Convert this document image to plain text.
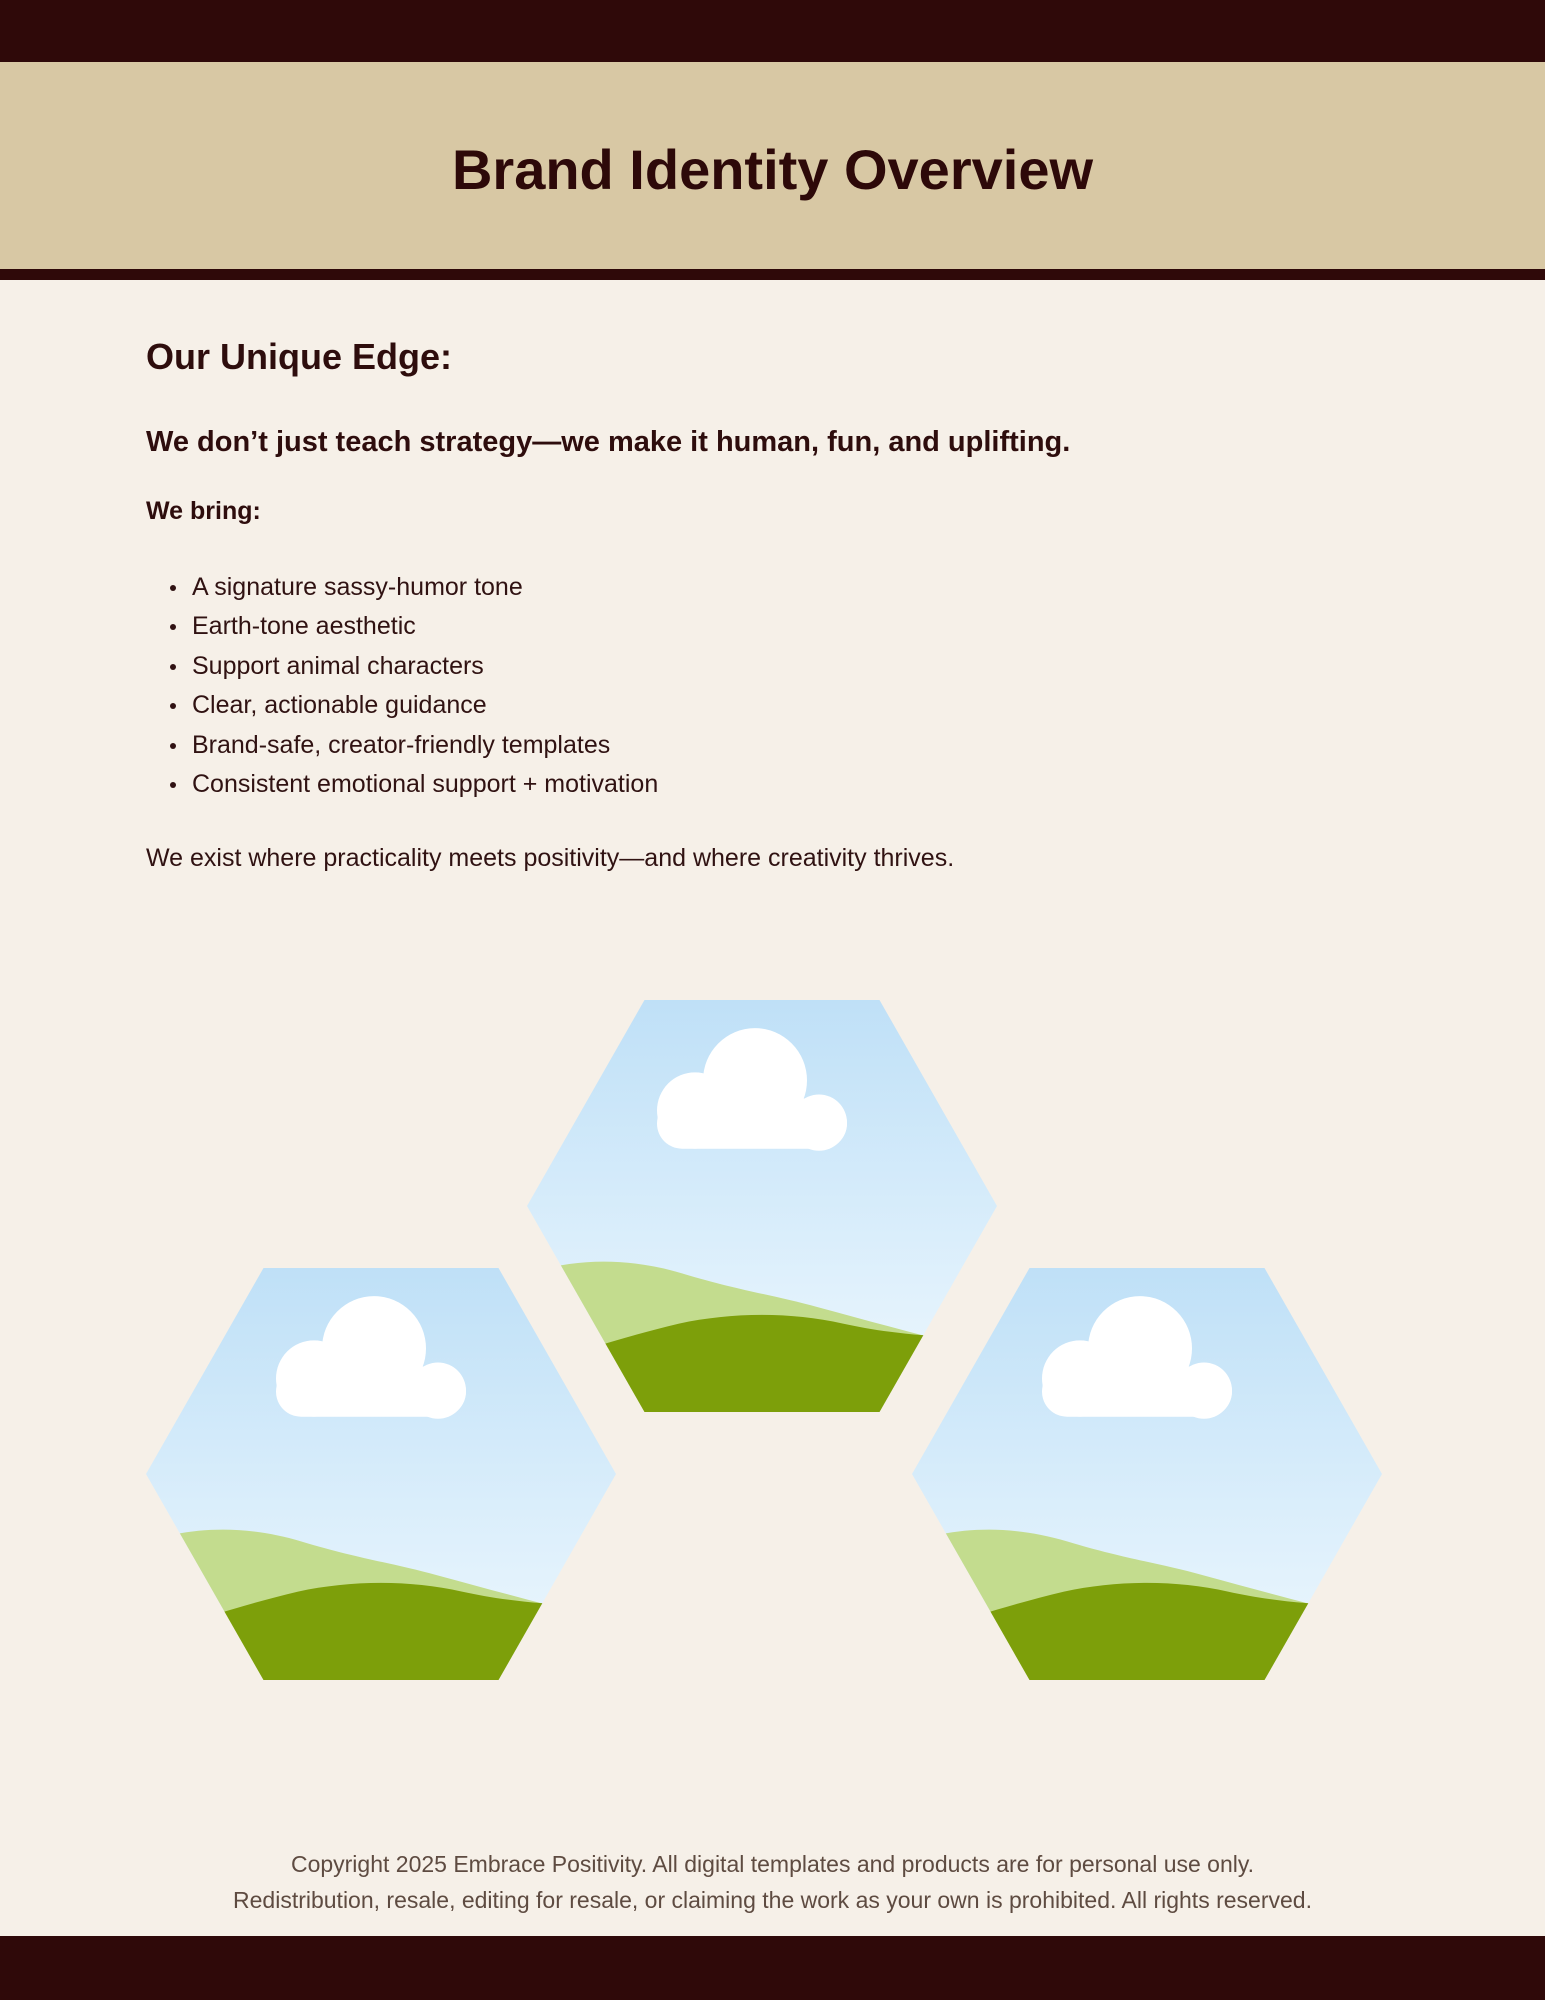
Brand Identity Overview
Our Unique Edge:

We don’t just teach strategy—we make it human, fun, and uplifting.

We bring:

A signature sassy-humor tone
Earth-tone aesthetic
Support animal characters
Clear, actionable guidance
Brand-safe, creator-friendly templates
Consistent emotional support + motivation

We exist where practicality meets positivity—and where creativity thrives.

Copyright 2025 Embrace Positivity. All digital templates and products are for personal use only.
Redistribution, resale, editing for resale, or claiming the work as your own is prohibited. All rights reserved.
